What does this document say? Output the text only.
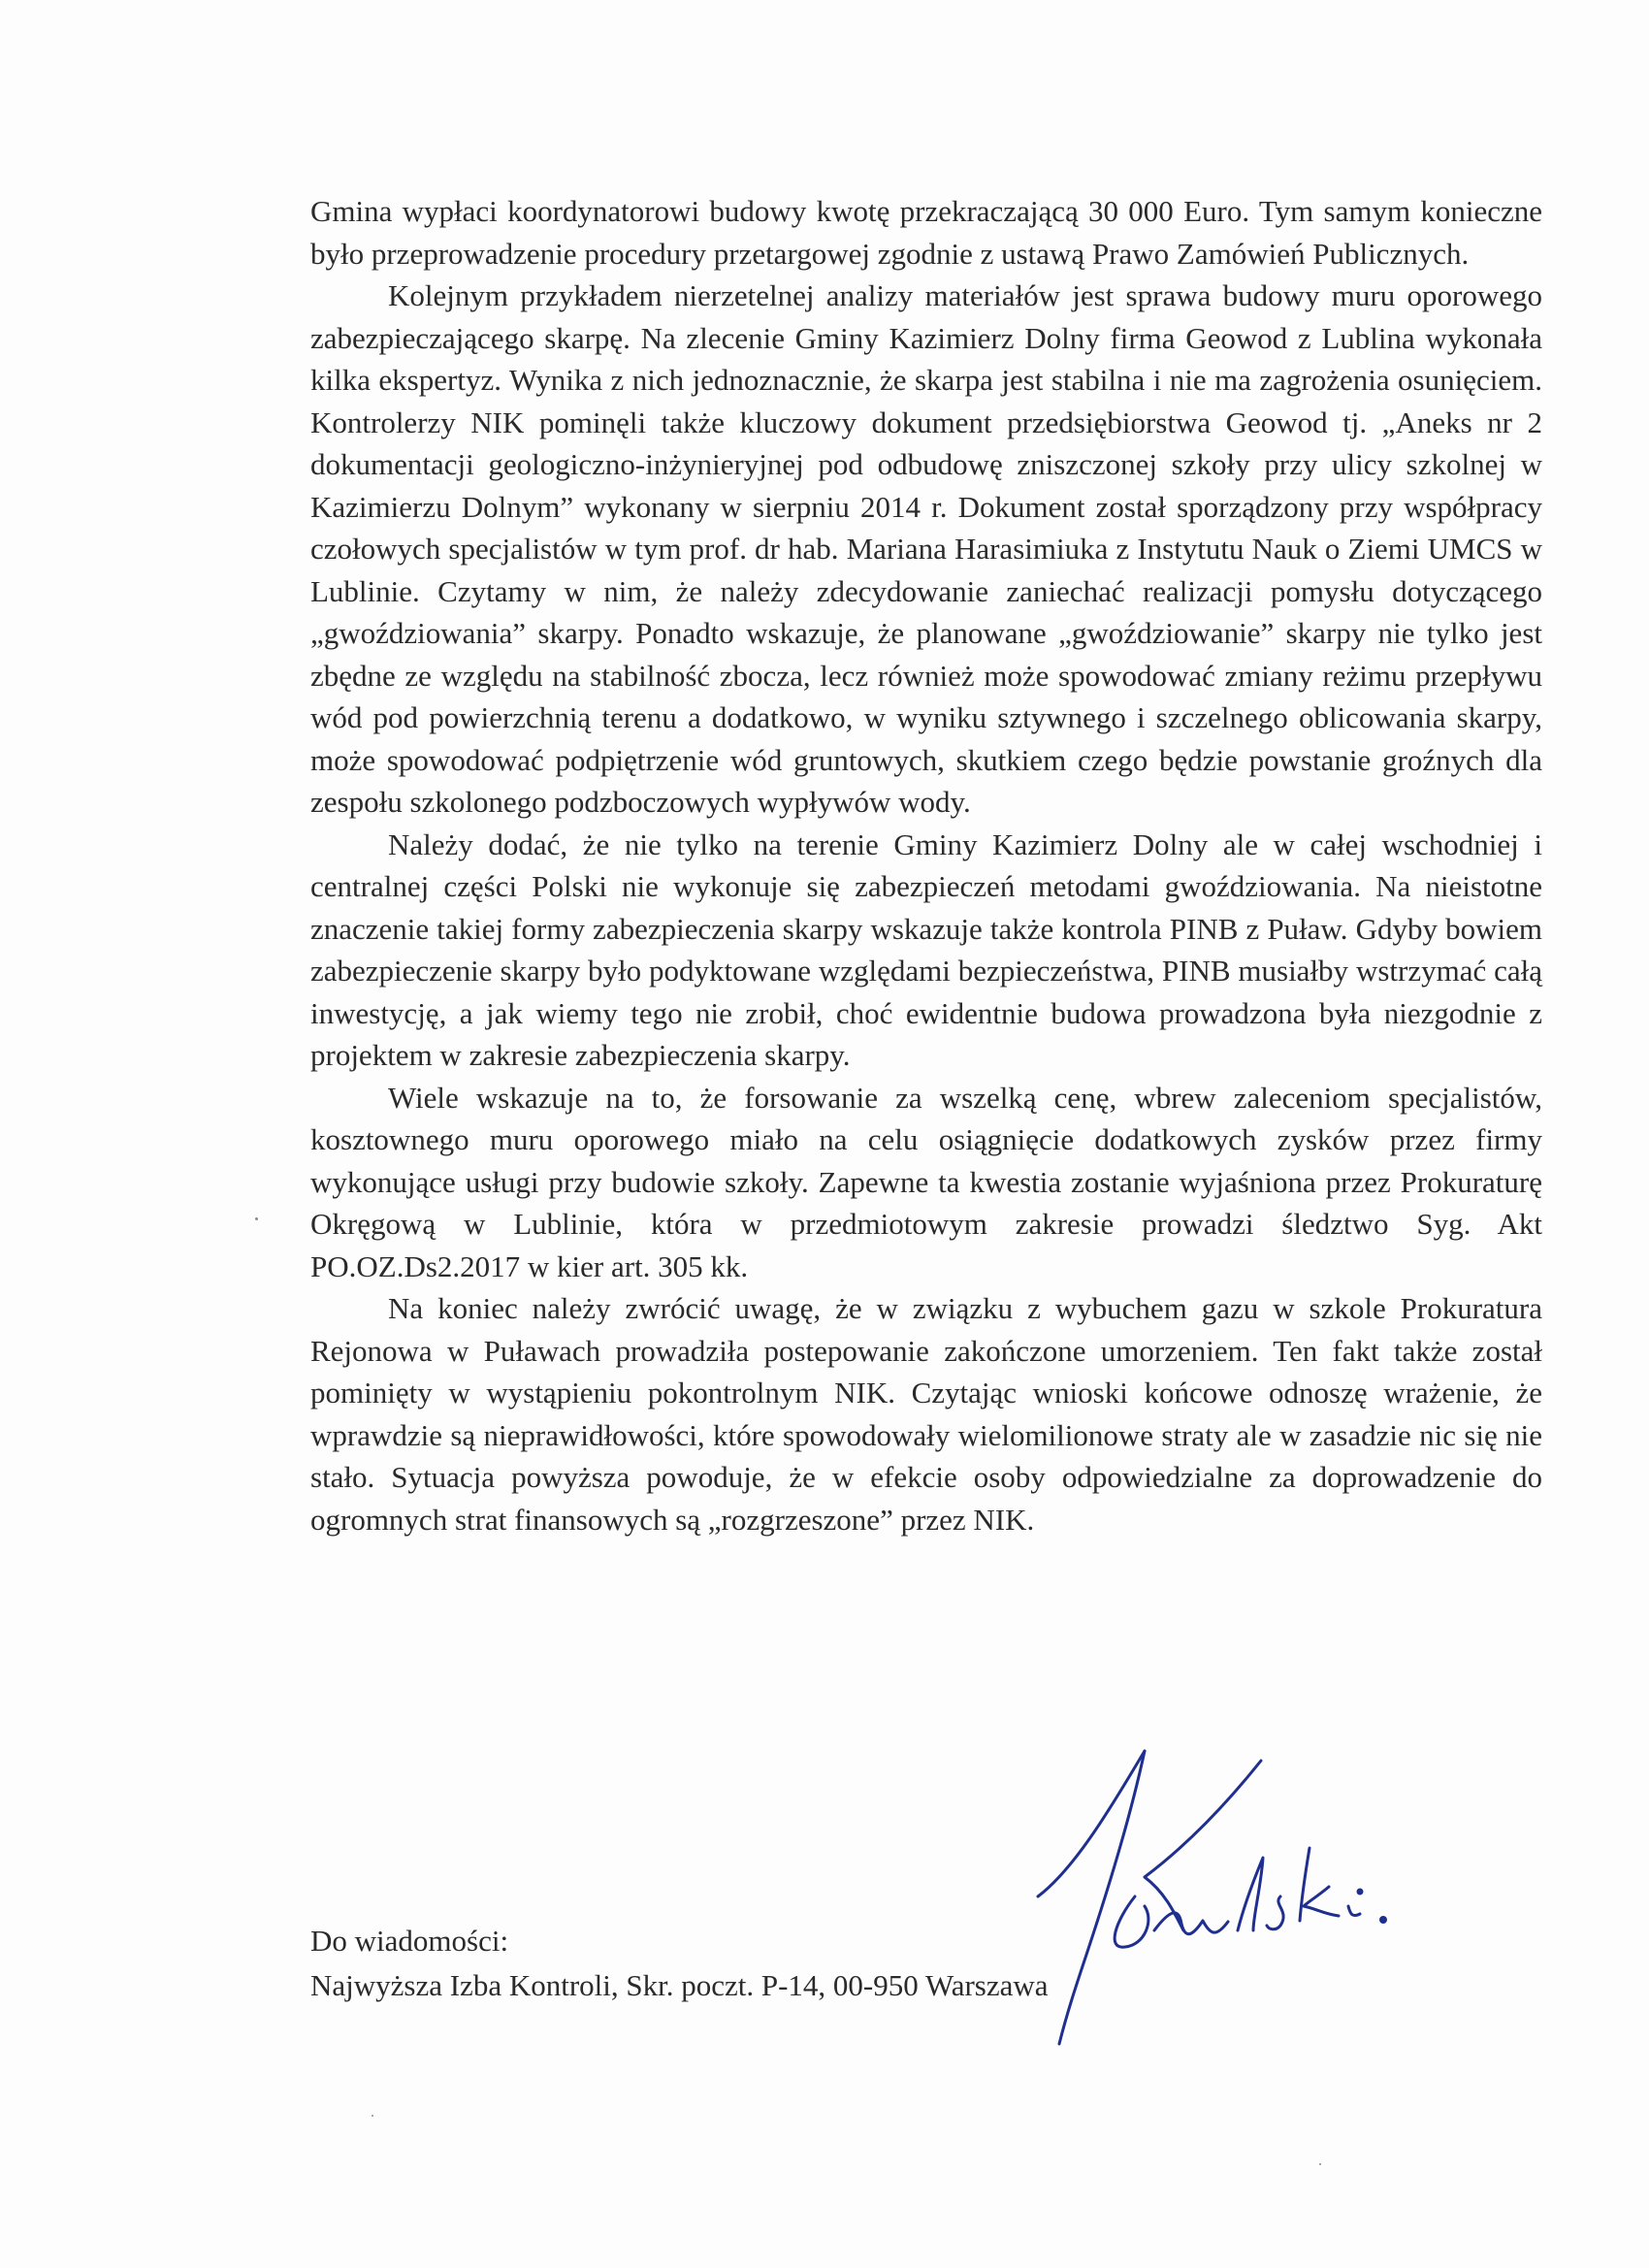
Gmina wypłaci koordynatorowi budowy kwotę przekraczającą 30 000 Euro. Tym samym konieczne było przeprowadzenie procedury przetargowej zgodnie z ustawą Prawo Zamówień Publicznych.

Kolejnym przykładem nierzetelnej analizy materiałów jest sprawa budowy muru oporowego zabezpieczającego skarpę. Na zlecenie Gminy Kazimierz Dolny firma Geowod z Lublina wykonała kilka ekspertyz. Wynika z nich jednoznacznie, że skarpa jest stabilna i nie ma zagrożenia osunięciem. Kontrolerzy NIK pominęli także kluczowy dokument przedsiębiorstwa Geowod tj. „Aneks nr 2 dokumentacji geologiczno-inżynieryjnej pod odbudowę zniszczonej szkoły przy ulicy szkolnej w Kazimierzu Dolnym” wykonany w sierpniu 2014 r. Dokument został sporządzony przy współpracy czołowych specjalistów w tym prof. dr hab. Mariana Harasimiuka z Instytutu Nauk o Ziemi UMCS w Lublinie. Czytamy w nim, że należy zdecydowanie zaniechać realizacji pomysłu dotyczącego „gwoździowania” skarpy. Ponadto wskazuje, że planowane „gwoździowanie” skarpy nie tylko jest zbędne ze względu na stabilność zbocza, lecz również może spowodować zmiany reżimu przepływu wód pod powierzchnią terenu a dodatkowo, w wyniku sztywnego i szczelnego oblicowania skarpy, może spowodować podpiętrzenie wód gruntowych, skutkiem czego będzie powstanie groźnych dla zespołu szkolonego podzboczowych wypływów wody.

Należy dodać, że nie tylko na terenie Gminy Kazimierz Dolny ale w całej wschodniej i centralnej części Polski nie wykonuje się zabezpieczeń metodami gwoździowania. Na nieistotne znaczenie takiej formy zabezpieczenia skarpy wskazuje także kontrola PINB z Puław. Gdyby bowiem zabezpieczenie skarpy było podyktowane względami bezpieczeństwa, PINB musiałby wstrzymać całą inwestycję, a jak wiemy tego nie zrobił, choć ewidentnie budowa prowadzona była niezgodnie z projektem w zakresie zabezpieczenia skarpy.

Wiele wskazuje na to, że forsowanie za wszelką cenę, wbrew zaleceniom specjalistów, kosztownego muru oporowego miało na celu osiągnięcie dodatkowych zysków przez firmy wykonujące usługi przy budowie szkoły. Zapewne ta kwestia zostanie wyjaśniona przez Prokuraturę Okręgową w Lublinie, która w przedmiotowym zakresie prowadzi śledztwo Syg. Akt PO.OZ.Ds2.2017 w kier art. 305 kk.

Na koniec należy zwrócić uwagę, że w związku z wybuchem gazu w szkole Prokuratura Rejonowa w Puławach prowadziła postepowanie zakończone umorzeniem. Ten fakt także został pominięty w wystąpieniu pokontrolnym NIK. Czytając wnioski końcowe odnoszę wrażenie, że wprawdzie są nieprawidłowości, które spowodowały wielomilionowe straty ale w zasadzie nic się nie stało. Sytuacja powyższa powoduje, że w efekcie osoby odpowiedzialne za doprowadzenie do ogromnych strat finansowych są „rozgrzeszone” przez NIK.

Do wiadomości:
Najwyższa Izba Kontroli, Skr. poczt. P-14, 00-950 Warszawa
